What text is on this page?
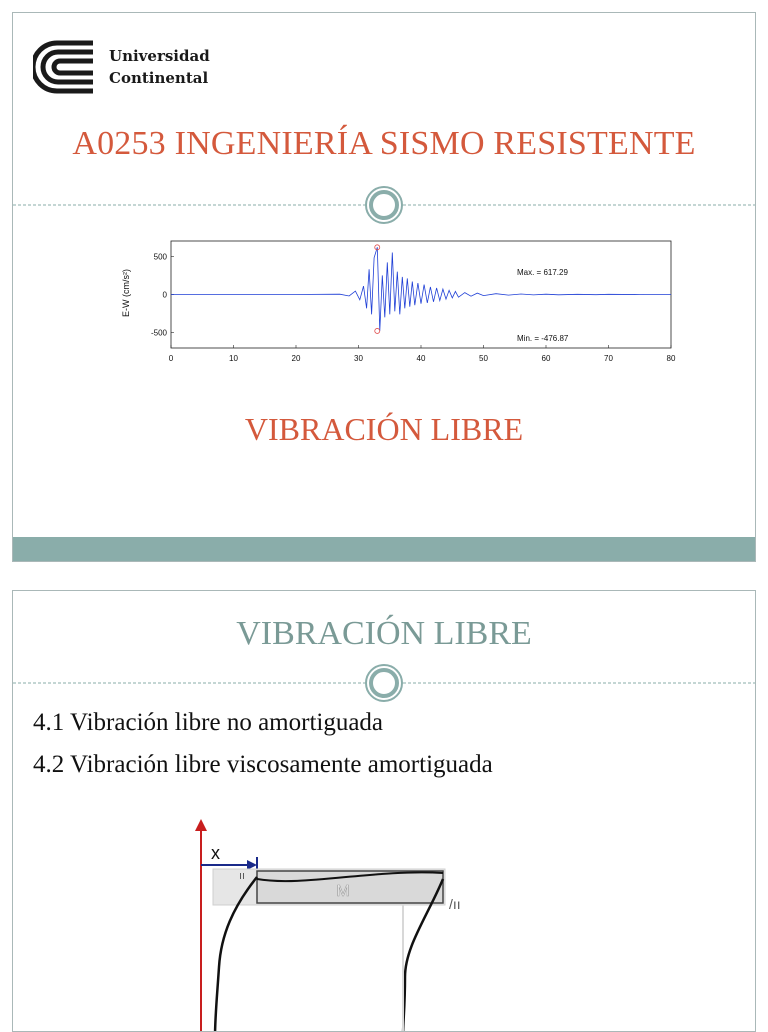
Universidad
Continental
A0253 INGENIERÍA SISMO RESISTENTE
E-W (cm/s²)
0	10	20	30	40	50	60	70	80
500
0
-500
Max. = 617.29
Min. = -476.87
VIBRACIÓN LIBRE
VIBRACIÓN LIBRE
4.1 Vibración libre no amortiguada
4.2 Vibración libre viscosamente amortiguada
x
M
ıı
/ıı
